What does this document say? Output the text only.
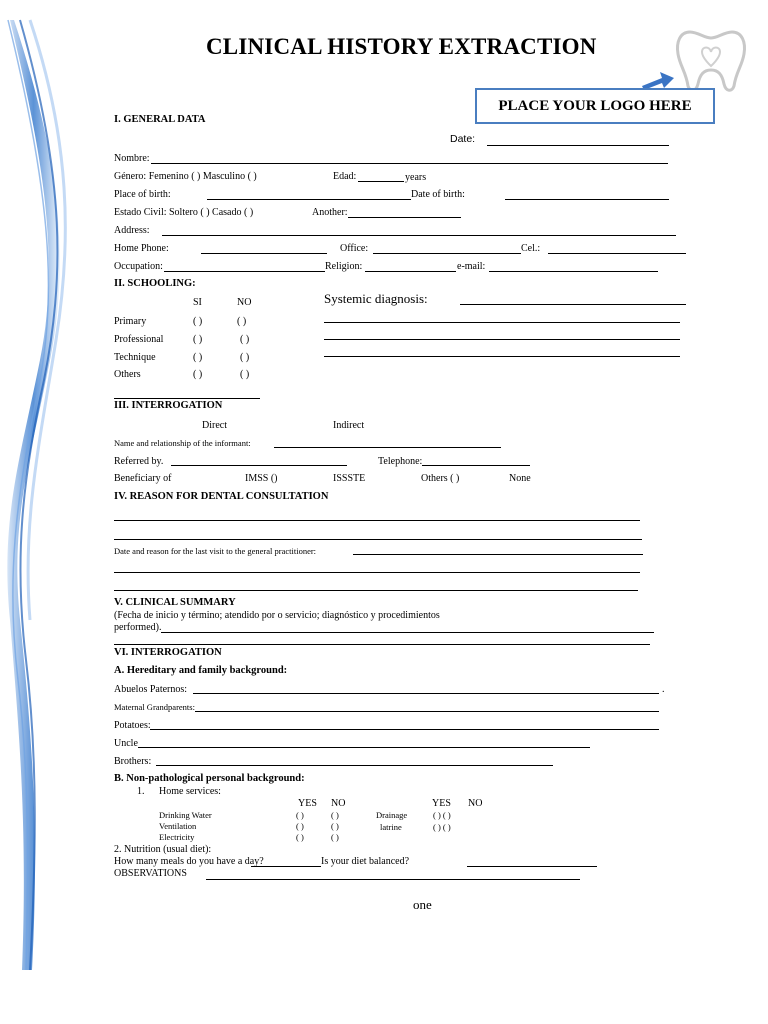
CLINICAL HISTORY EXTRACTION
PLACE YOUR LOGO HERE
I. GENERAL DATA
Date:
Nombre:
Género: Femenino ( ) Masculino ( )	Edad:	years
Place of birth:	Date of birth:
Estado Civil: Soltero ( ) Casado ( )	Another:
Address:
Home Phone:	Office:	Cel.:
Occupation:	Religion:	e-mail:
II. SCHOOLING:
SI	NO
Primary	( )	( )
Professional	( )	( )
Technique	( )	( )
Others	( )	( )
Systemic diagnosis:
III. INTERROGATION
Direct	Indirect
Name and relationship of the informant:
Referred by.	Telephone:
Beneficiary of	IMSS ()	ISSSTE	Others ( )	None
IV. REASON FOR DENTAL CONSULTATION
Date and reason for the last visit to the general practitioner:
V. CLINICAL SUMMARY
(Fecha de inicio y término; atendido por o servicio; diagnóstico y procedimientos
performed).
VI. INTERROGATION
A. Hereditary and family background:
Abuelos Paternos:	.
Maternal Grandparents:
Potatoes:
Uncle
Brothers:
B. Non-pathological personal background:
1. Home services:
YES NO	YES NO
Drinking Water	( )	( )
Ventilation	( )	( )
Electricity	( )	( )
Drainage	( ) ( )
latrine	( ) ( )
2. Nutrition (usual diet):
How many meals do you have a day?	Is your diet balanced?
OBSERVATIONS
one
